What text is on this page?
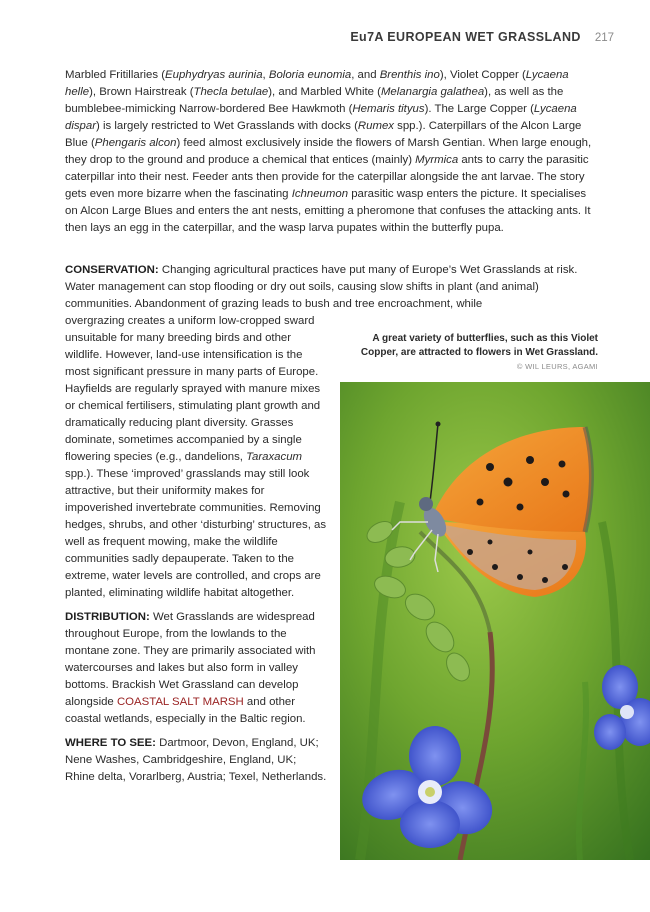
Eu7A EUROPEAN WET GRASSLAND 217

Marbled Fritillaries (Euphydryas aurinia, Boloria eunomia, and Brenthis ino), Violet Copper (Lycaena helle), Brown Hairstreak (Thecla betulae), and Marbled White (Melanargia galathea), as well as the bumblebee-mimicking Narrow-bordered Bee Hawkmoth (Hemaris tityus). The Large Copper (Lycaena dispar) is largely restricted to Wet Grasslands with docks (Rumex spp.). Caterpillars of the Alcon Large Blue (Phengaris alcon) feed almost exclusively inside the flowers of Marsh Gentian. When large enough, they drop to the ground and produce a chemical that entices (mainly) Myrmica ants to carry the parasitic caterpillar into their nest. Feeder ants then provide for the caterpillar alongside the ant larvae. The story gets even more bizarre when the fascinating Ichneumon parasitic wasp enters the picture. It specialises on Alcon Large Blues and enters the ant nests, emitting a pheromone that confuses the attacking ants. It then lays an egg in the caterpillar, and the wasp larva pupates within the butterfly pupa.

CONSERVATION: Changing agricultural practices have put many of Europe’s Wet Grasslands at risk. Water management can stop flooding or dry out soils, causing slow shifts in plant (and animal) communities. Abandonment of grazing leads to bush and tree encroachment, while

overgrazing creates a uniform low-cropped sward unsuitable for many breeding birds and other wildlife. However, land-use intensification is the most significant pressure in many parts of Europe. Hayfields are regularly sprayed with manure mixes or chemical fertilisers, stimulating plant growth and dramatically reducing plant diversity. Grasses dominate, sometimes accompanied by a single flowering species (e.g., dandelions, Taraxacum spp.). These ‘improved’ grasslands may still look attractive, but their uniformity makes for impoverished invertebrate communities. Removing hedges, shrubs, and other ‘disturbing’ structures, as well as frequent mowing, make the wildlife communities sadly depauperate. Taken to the extreme, water levels are controlled, and crops are planted, eliminating wildlife habitat altogether.

DISTRIBUTION: Wet Grasslands are widespread throughout Europe, from the lowlands to the montane zone. They are primarily associated with watercourses and lakes but also form in valley bottoms. Brackish Wet Grassland can develop alongside COASTAL SALT MARSH and other coastal wetlands, especially in the Baltic region.

WHERE TO SEE: Dartmoor, Devon, England, UK; Nene Washes, Cambridgeshire, England, UK; Rhine delta, Vorarlberg, Austria; Texel, Netherlands.

A great variety of butterflies, such as this Violet Copper, are attracted to flowers in Wet Grassland.
© WIL LEURS, AGAMI
